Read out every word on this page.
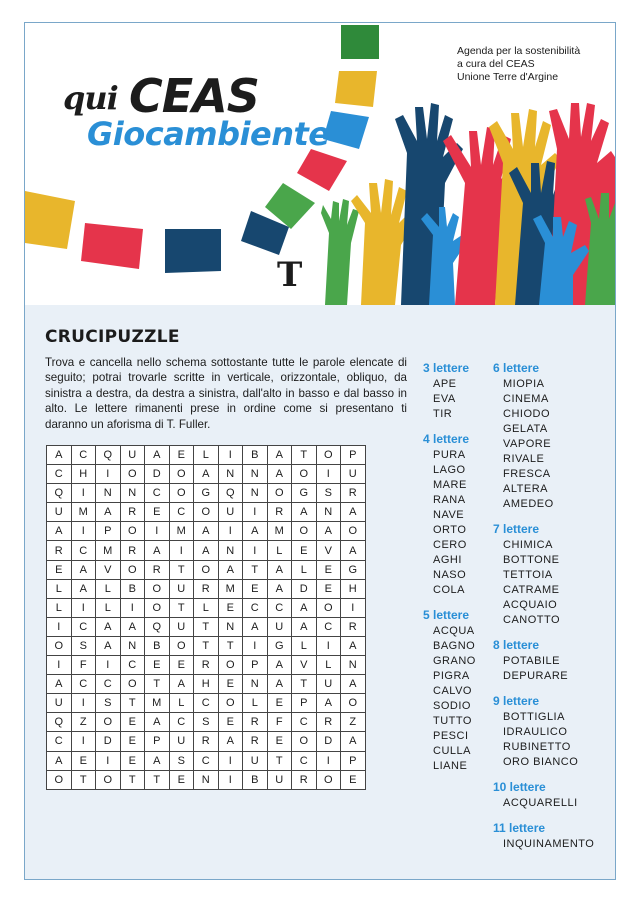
qui CEAS
Giocambiente
Agenda per la sostenibilità
a cura del CEAS
Unione Terre d'Argine
T
CRUCIPUZZLE
Trova e cancella nello schema sottostante tutte le parole elencate di seguito; potrai trovarle scritte in verticale, orizzontale, obliquo, da sinistra a destra, da destra a sinistra, dall'alto in basso e dal basso in alto. Le lettere rimanenti prese in ordine come si presentano ti daranno un aforisma di T. Fuller.
A	C	Q	U	A	E	L	I	B	A	T	O	P
C	H	I	O	D	O	A	N	N	A	O	I	U
Q	I	N	N	C	O	G	Q	N	O	G	S	R
U	M	A	R	E	C	O	U	I	R	A	N	A
A	I	P	O	I	M	A	I	A	M	O	A	O
R	C	M	R	A	I	A	N	I	L	E	V	A
E	A	V	O	R	T	O	A	T	A	L	E	G
L	A	L	B	O	U	R	M	E	A	D	E	H
L	I	L	I	O	T	L	E	C	C	A	O	I
I	C	A	A	Q	U	T	N	A	U	A	C	R
O	S	A	N	B	O	T	T	I	G	L	I	A
I	F	I	C	E	E	R	O	P	A	V	L	N
A	C	C	O	T	A	H	E	N	A	T	U	A
U	I	S	T	M	L	C	O	L	E	P	A	O
Q	Z	O	E	A	C	S	E	R	F	C	R	Z
C	I	D	E	P	U	R	A	R	E	O	D	A
A	E	I	E	A	S	C	I	U	T	C	I	P
O	T	O	T	T	E	N	I	B	U	R	O	E
3 lettere
APE
EVA
TIR
4 lettere
PURA
LAGO
MARE
RANA
NAVE
ORTO
CERO
AGHI
NASO
COLA
5 lettere
ACQUA
BAGNO
GRANO
PIGRA
CALVO
SODIO
TUTTO
PESCI
CULLA
LIANE
6 lettere
MIOPIA
CINEMA
CHIODO
GELATA
VAPORE
RIVALE
FRESCA
ALTERA
AMEDEO
7 lettere
CHIMICA
BOTTONE
TETTOIA
CATRAME
ACQUAIO
CANOTTO
8 lettere
POTABILE
DEPURARE
9 lettere
BOTTIGLIA
IDRAULICO
RUBINETTO
ORO BIANCO
10 lettere
ACQUARELLI
11 lettere
INQUINAMENTO
